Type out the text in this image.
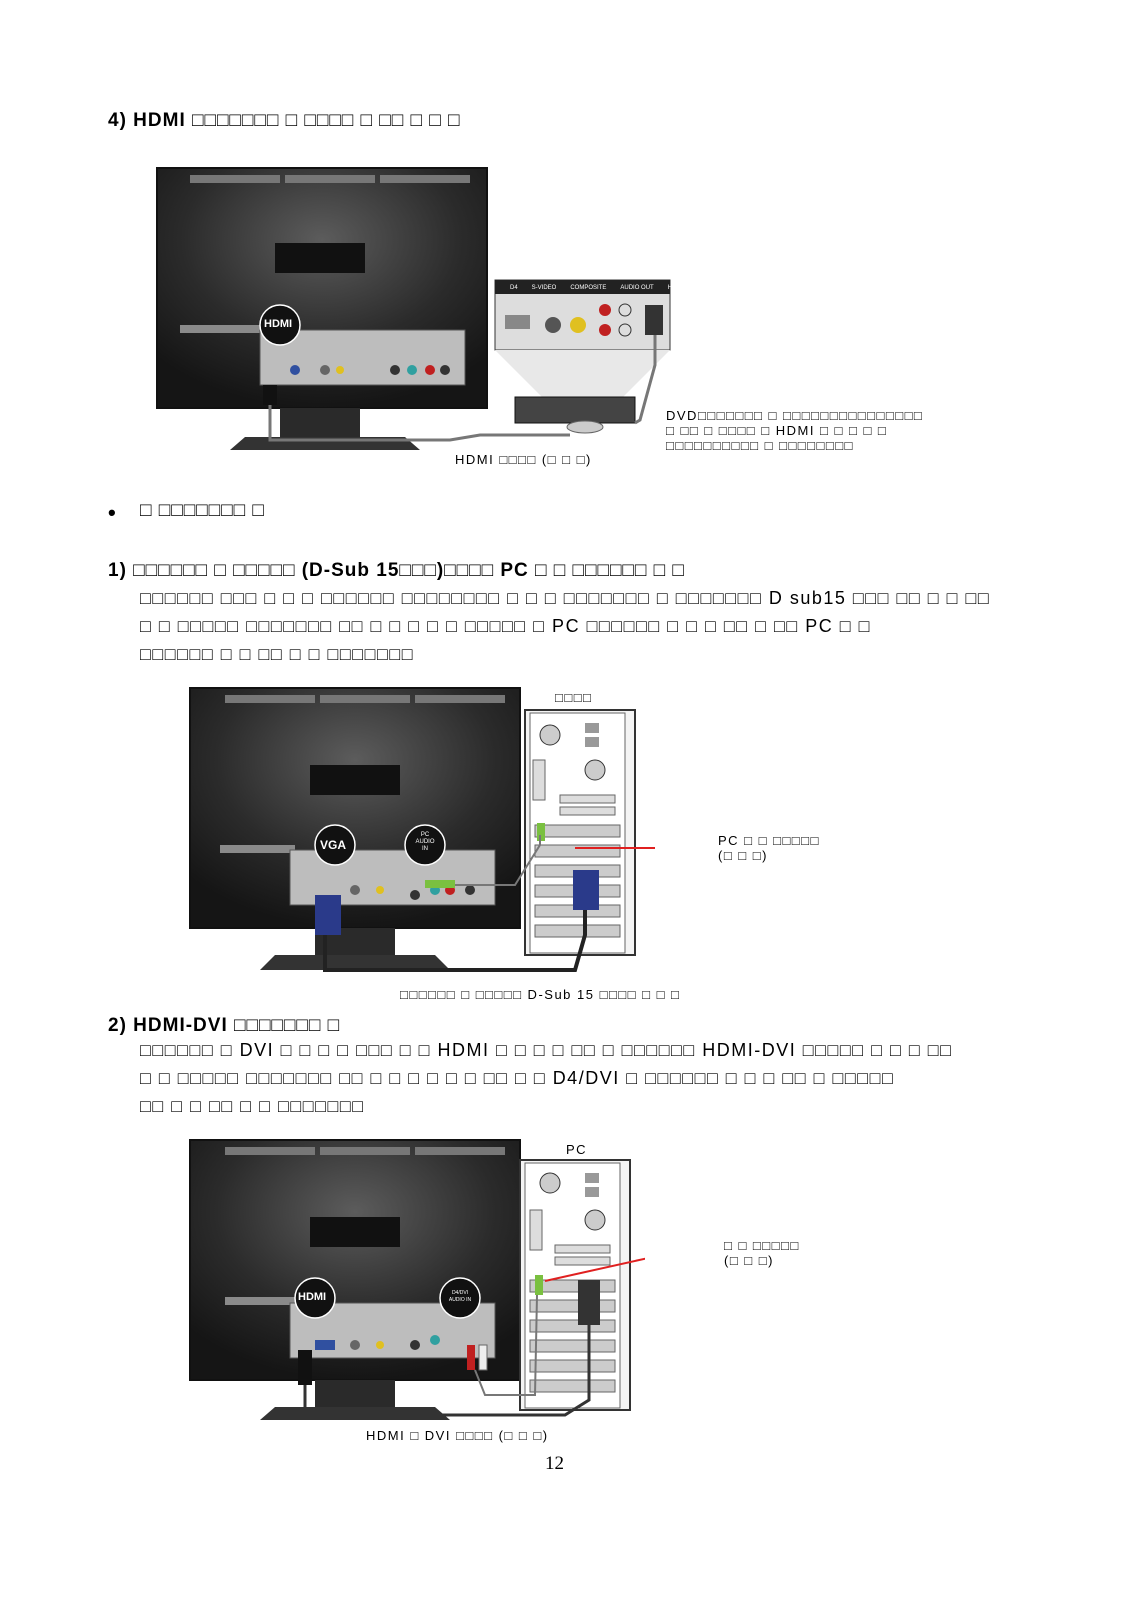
4) HDMI □□□□□□□ □ □□□□ □ □□ □ □ □
D4 S-VIDEO COMPOSITE AUDIO OUT HDMI
HDMI
DVD□□□□□□□ □ □□□□□□□□□□□□□□□
□ □□ □ □□□□ □ HDMI □ □ □ □ □
□□□□□□□□□□ □ □□□□□□□□
HDMI □□□□ (□ □ □)
• □ □□□□□□□ □
1) □□□□□□ □ □□□□□ (D-Sub 15□□□)□□□□ PC □ □ □□□□□□ □ □
□□□□□□ □□□ □ □ □ □□□□□□ □□□□□□□□ □ □ □ □□□□□□□ □ □□□□□□□ D sub15 □□□ □□ □ □ □□
□ □ □□□□□ □□□□□□□ □□ □ □ □ □ □ □□□□□ □ PC □□□□□□ □ □ □ □□ □ □□ PC □ □
□□□□□□ □ □ □□ □ □ □□□□□□□
VGA
PC
AUDIO
IN
□□□□
PC □ □ □□□□□
(□ □ □)
□□□□□□ □ □□□□□ D-Sub 15 □□□□ □ □ □
2) HDMI-DVI □□□□□□□ □
□□□□□□ □ DVI □ □ □ □ □□□ □ □ HDMI □ □ □ □ □□ □ □□□□□□ HDMI-DVI □□□□□ □ □ □ □□
□ □ □□□□□ □□□□□□□ □□ □ □ □ □ □ □ □□ □ □ D4/DVI □ □□□□□□ □ □ □ □□ □ □□□□□
□□ □ □ □□ □ □ □□□□□□□
HDMI	D4/DVI
AUDIO IN
PC
□ □ □□□□□
(□ □ □)
HDMI □ DVI □□□□ (□ □ □)
12
